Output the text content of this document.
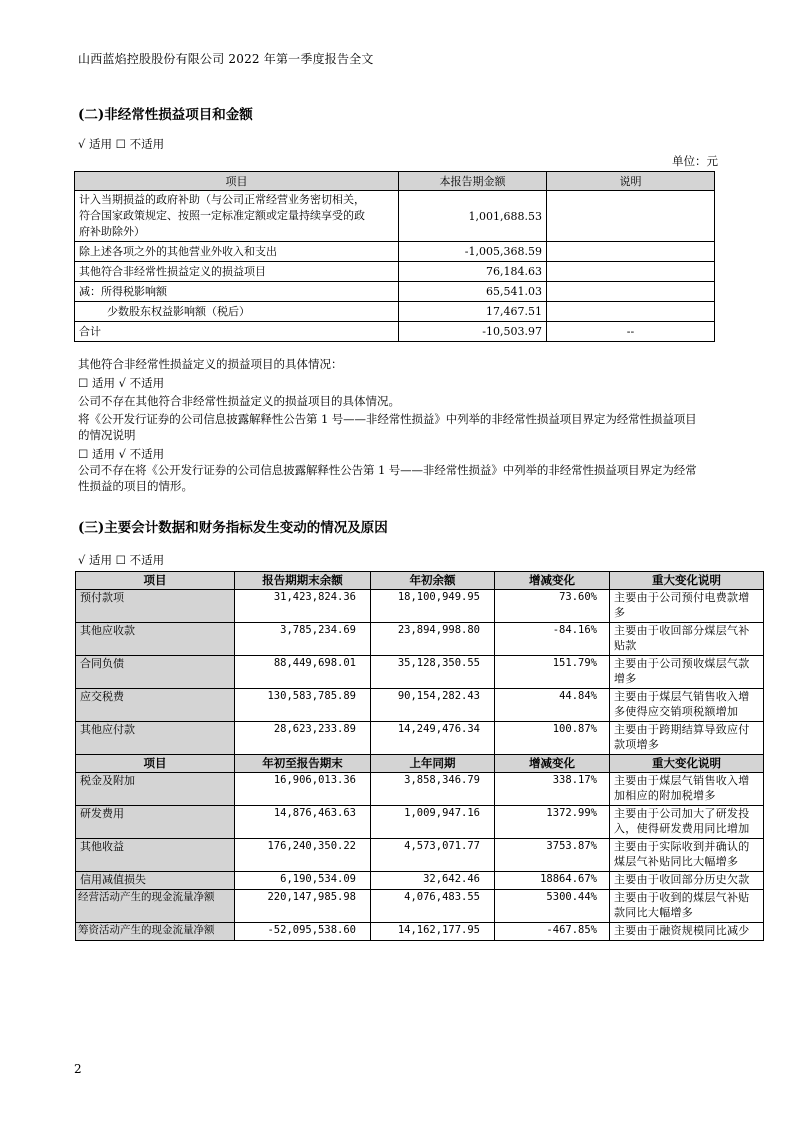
山西蓝焰控股股份有限公司 2022 年第一季度报告全文
(二)非经常性损益项目和金额
√ 适用 ☐ 不适用
单位：元
项目	本报告期金额	说明

计入当期损益的政府补助（与公司正常经营业务密切相关，
符合国家政策规定、按照一定标准定额或定量持续享受的政
府补助除外）	1,001,688.53	
除上述各项之外的其他营业外收入和支出	-1,005,368.59	
其他符合非经常性损益定义的损益项目	76,184.63	
减：所得税影响额	65,541.03	
少数股东权益影响额（税后）	17,467.51	
合计	-10,503.97	--
其他符合非经常性损益定义的损益项目的具体情况：
☐ 适用 √ 不适用
公司不存在其他符合非经常性损益定义的损益项目的具体情况。
将《公开发行证券的公司信息披露解释性公告第 1 号——非经常性损益》中列举的非经常性损益项目界定为经常性损益项目
的情况说明
☐ 适用 √ 不适用
公司不存在将《公开发行证券的公司信息披露解释性公告第 1 号——非经常性损益》中列举的非经常性损益项目界定为经常
性损益的项目的情形。
(三)主要会计数据和财务指标发生变动的情况及原因
√ 适用 ☐ 不适用
项目	报告期期末余额	年初余额	增减变化	重大变化说明
预付款项	31,423,824.36	18,100,949.95	73.60%	主要由于公司预付电费款增
多

其他应收款	3,785,234.69	23,894,998.80	-84.16%	主要由于收回部分煤层气补
贴款

合同负债	88,449,698.01	35,128,350.55	151.79%	主要由于公司预收煤层气款
增多

应交税费	130,583,785.89	90,154,282.43	44.84%	主要由于煤层气销售收入增
多使得应交销项税额增加

其他应付款	28,623,233.89	14,249,476.34	100.87%	主要由于跨期结算导致应付
款项增多

项目	年初至报告期末	上年同期	增减变化	重大变化说明
税金及附加	16,906,013.36	3,858,346.79	338.17%	主要由于煤层气销售收入增
加相应的附加税增多

研发费用	14,876,463.63	1,009,947.16	1372.99%	主要由于公司加大了研发投
入，使得研发费用同比增加

其他收益	176,240,350.22	4,573,071.77	3753.87%	主要由于实际收到并确认的
煤层气补贴同比大幅增多

信用减值损失	6,190,534.09	32,642.46	18864.67%	主要由于收回部分历史欠款

经营活动产生的现金流量净额	220,147,985.98	4,076,483.55	5300.44%	主要由于收到的煤层气补贴
款同比大幅增多

筹资活动产生的现金流量净额	-52,095,538.60	14,162,177.95	-467.85%	主要由于融资规模同比减少
2
